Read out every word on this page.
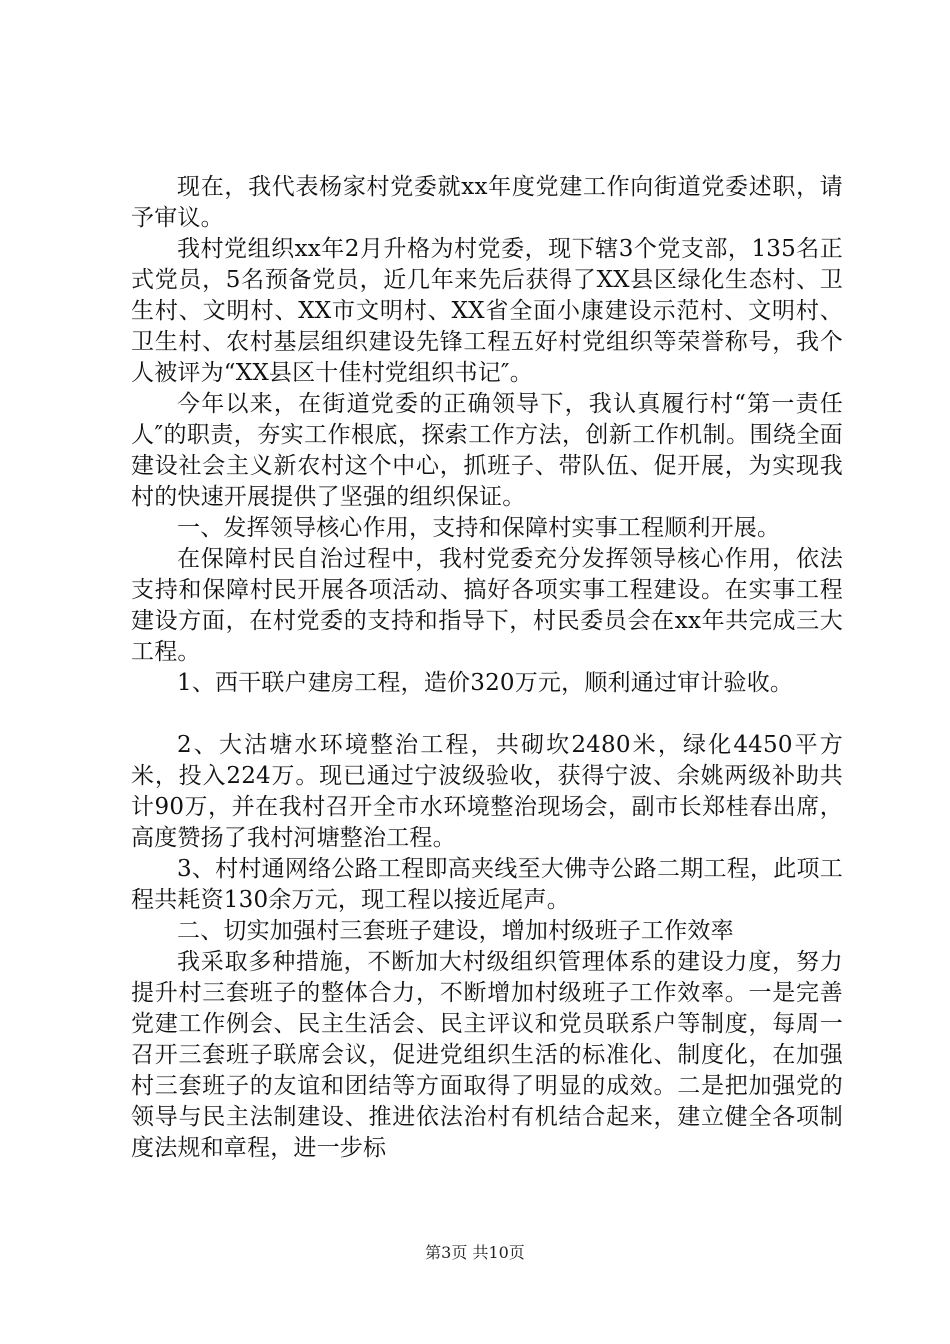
现在，我代表杨家村党委就xx年度党建工作向街道党委述职，请予审议。

我村党组织xx年2月升格为村党委，现下辖3个党支部，135名正式党员，5名预备党员，近几年来先后获得了XX县区绿化生态村、卫生村、文明村、XX市文明村、XX省全面小康建设示范村、文明村、卫生村、农村基层组织建设先锋工程五好村党组织等荣誉称号，我个人被评为“XX县区十佳村党组织书记″。

今年以来，在街道党委的正确领导下，我认真履行村“第一责任人″的职责，夯实工作根底，探索工作方法，创新工作机制。围绕全面建设社会主义新农村这个中心，抓班子、带队伍、促开展，为实现我村的快速开展提供了坚强的组织保证。

一、发挥领导核心作用，支持和保障村实事工程顺利开展。

在保障村民自治过程中，我村党委充分发挥领导核心作用，依法支持和保障村民开展各项活动、搞好各项实事工程建设。在实事工程建设方面，在村党委的支持和指导下，村民委员会在xx年共完成三大工程。

1、西干联户建房工程，造价320万元，顺利通过审计验收。

2、大沽塘水环境整治工程，共砌坎2480米，绿化4450平方米，投入224万。现已通过宁波级验收，获得宁波、余姚两级补助共计90万，并在我村召开全市水环境整治现场会，副市长郑桂春出席，高度赞扬了我村河塘整治工程。

3、村村通网络公路工程即高夹线至大佛寺公路二期工程，此项工程共耗资130余万元，现工程以接近尾声。

二、切实加强村三套班子建设，增加村级班子工作效率

我采取多种措施，不断加大村级组织管理体系的建设力度，努力提升村三套班子的整体合力，不断增加村级班子工作效率。一是完善党建工作例会、民主生活会、民主评议和党员联系户等制度，每周一召开三套班子联席会议，促进党组织生活的标准化、制度化，在加强村三套班子的友谊和团结等方面取得了明显的成效。二是把加强党的领导与民主法制建设、推进依法治村有机结合起来，建立健全各项制度法规和章程，进一步标

第3页 共10页
